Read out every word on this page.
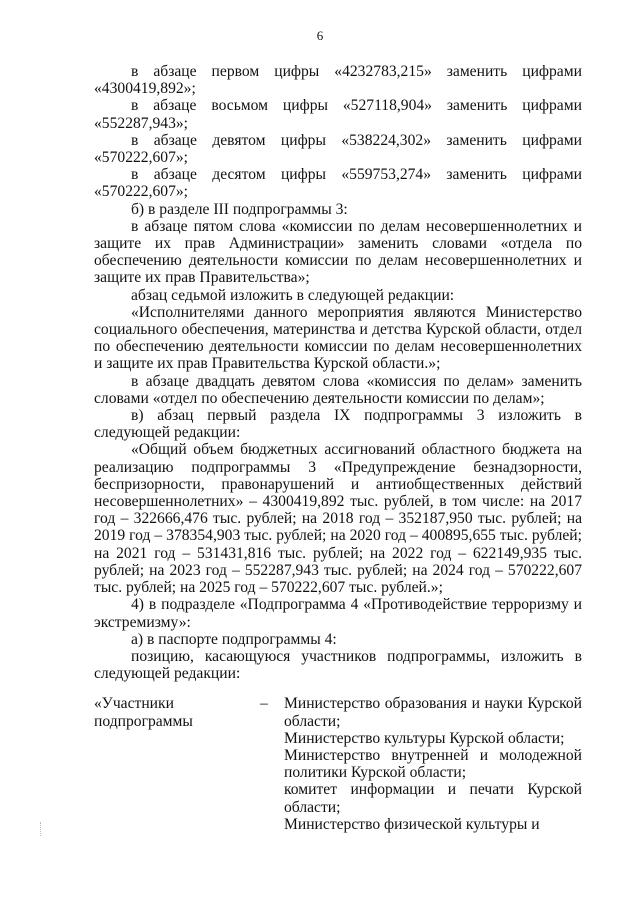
6
в абзаце первом цифры «4232783,215» заменить цифрами

«4300419,892»;

в абзаце восьмом цифры «527118,904» заменить цифрами

«552287,943»;

в абзаце девятом цифры «538224,302» заменить цифрами

«570222,607»;

в абзаце десятом цифры «559753,274» заменить цифрами

«570222,607»;

б) в разделе III подпрограммы 3:

в абзаце пятом слова «комиссии по делам несовершеннолетних и защите их прав Администрации» заменить словами «отдела по обеспечению деятельности комиссии по делам несовершеннолетних и защите их прав Правительства»;

абзац седьмой изложить в следующей редакции:

«Исполнителями данного мероприятия являются Министерство социального обеспечения, материнства и детства Курской области, отдел по обеспечению деятельности комиссии по делам несовершеннолетних и защите их прав Правительства Курской области.»;

в абзаце двадцать девятом слова «комиссия по делам» заменить словами «отдел по обеспечению деятельности комиссии по делам»;

в) абзац первый раздела IX подпрограммы 3 изложить в следующей редакции:

«Общий объем бюджетных ассигнований областного бюджета на реализацию подпрограммы 3 «Предупреждение безнадзорности, беспризорности, правонарушений и антиобщественных действий несовершеннолетних» – 4300419,892 тыс. рублей, в том числе: на 2017 год – 322666,476 тыс. рублей; на 2018 год – 352187,950 тыс. рублей; на 2019 год – 378354,903 тыс. рублей; на 2020 год – 400895,655 тыс. рублей; на 2021 год – 531431,816 тыс. рублей; на 2022 год – 622149,935 тыс. рублей; на 2023 год – 552287,943 тыс. рублей; на 2024 год – 570222,607 тыс. рублей; на 2025 год – 570222,607 тыс. рублей.»;

4) в подразделе «Подпрограмма 4 «Противодействие терроризму и экстремизму»:

а) в паспорте подпрограммы 4:

позицию, касающуюся участников подпрограммы, изложить в следующей редакции:

«Участники подпрограммы	–	Министерство образования и науки Курской области;

Министерство культуры Курской области;

Министерство внутренней и молодежной политики Курской области;

комитет информации и печати Курской области;

Министерство физической культуры и
